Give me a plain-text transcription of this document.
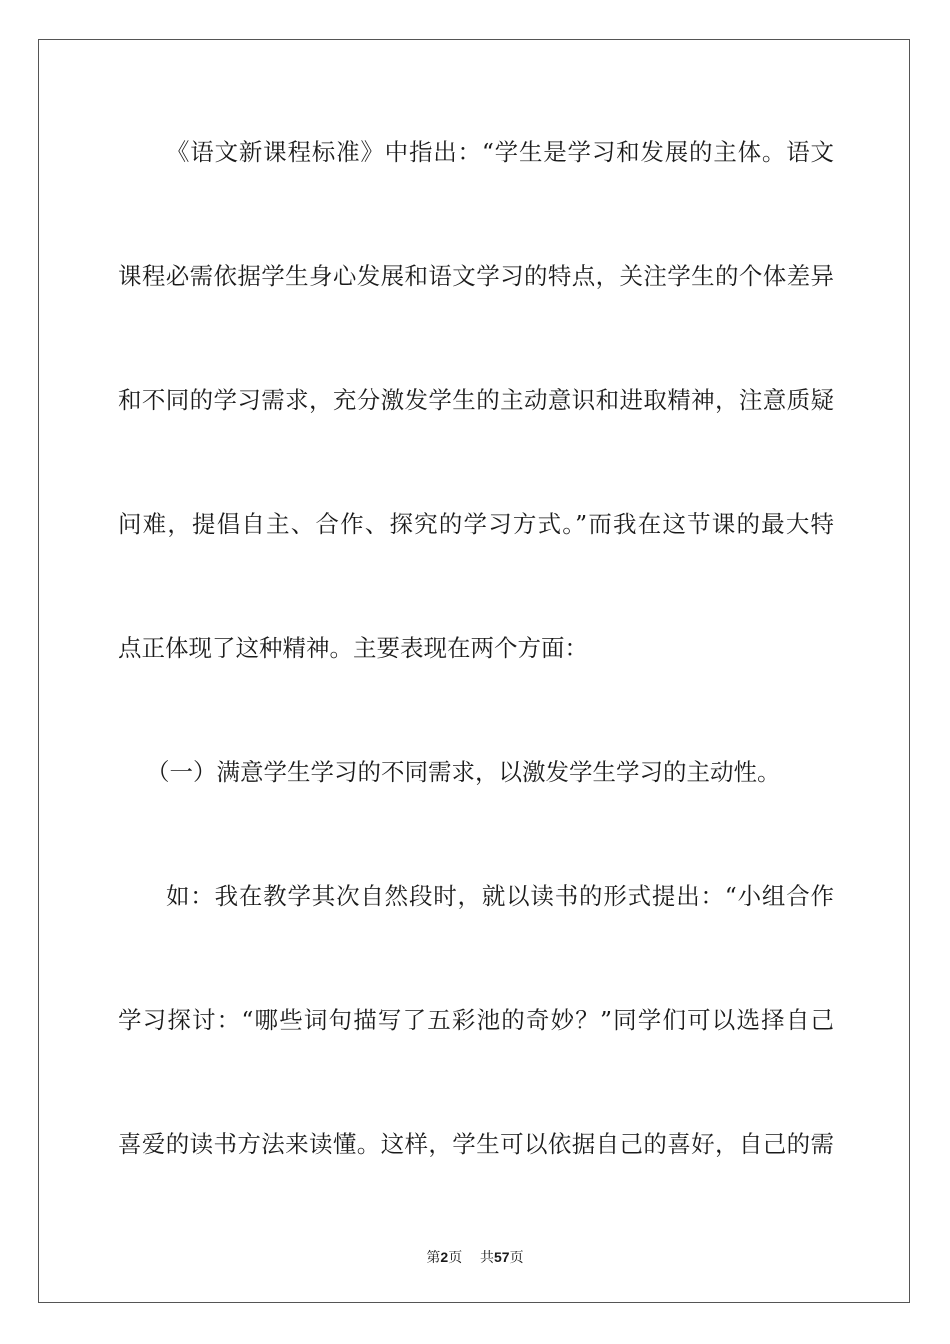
《语文新课程标准》中指出：“学生是学习和发展的主体。语文
课程必需依据学生身心发展和语文学习的特点，关注学生的个体差异
和不同的学习需求，充分激发学生的主动意识和进取精神，注意质疑
问难，提倡自主、合作、探究的学习方式。”而我在这节课的最大特
点正体现了这种精神。主要表现在两个方面：
（一）满意学生学习的不同需求，以激发学生学习的主动性。
如：我在教学其次自然段时，就以读书的形式提出：“小组合作
学习探讨：“哪些词句描写了五彩池的奇妙？”同学们可以选择自己
喜爱的读书方法来读懂。这样，学生可以依据自己的喜好，自己的需
第2页 共57页
